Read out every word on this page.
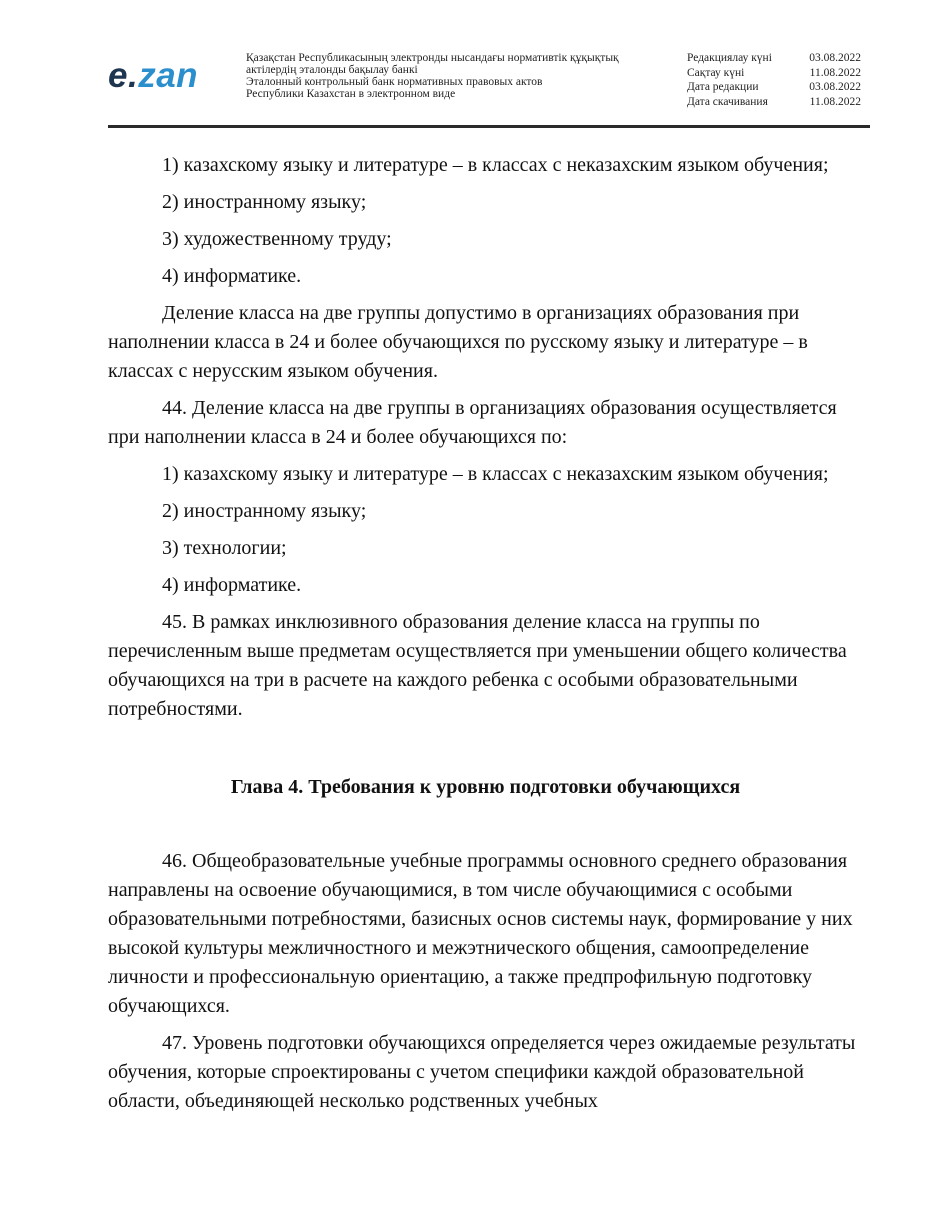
e.zan	Қазақстан Республикасының электронды нысандағы нормативтік құқықтық
актілердің эталонды бақылау банкі
Эталонный контрольный банк нормативных правовых актов
Республики Казахстан в электронном виде
Редакциялау күні	03.08.2022
Сақтау күні	11.08.2022
Дата редакции	03.08.2022
Дата скачивания	11.08.2022

1) казахскому языку и литературе – в классах с неказахским языком обучения;

2) иностранному языку;

3) художественному труду;

4) информатике.

Деление класса на две группы допустимо в организациях образования при наполнении класса в 24 и более обучающихся по русскому языку и литературе – в классах с нерусским языком обучения.

44. Деление класса на две группы в организациях образования осуществляется при наполнении класса в 24 и более обучающихся по:

1) казахскому языку и литературе – в классах с неказахским языком обучения;

2) иностранному языку;

3) технологии;

4) информатике.

45. В рамках инклюзивного образования деление класса на группы по перечисленным выше предметам осуществляется при уменьшении общего количества обучающихся на три в расчете на каждого ребенка с особыми образовательными потребностями.

Глава 4. Требования к уровню подготовки обучающихся

46. Общеобразовательные учебные программы основного среднего образования направлены на освоение обучающимися, в том числе обучающимися с особыми образовательными потребностями, базисных основ системы наук, формирование у них высокой культуры межличностного и межэтнического общения, самоопределение личности и профессиональную ориентацию, а также предпрофильную подготовку обучающихся.

47. Уровень подготовки обучающихся определяется через ожидаемые результаты обучения, которые спроектированы с учетом специфики каждой образовательной области, объединяющей несколько родственных учебных
